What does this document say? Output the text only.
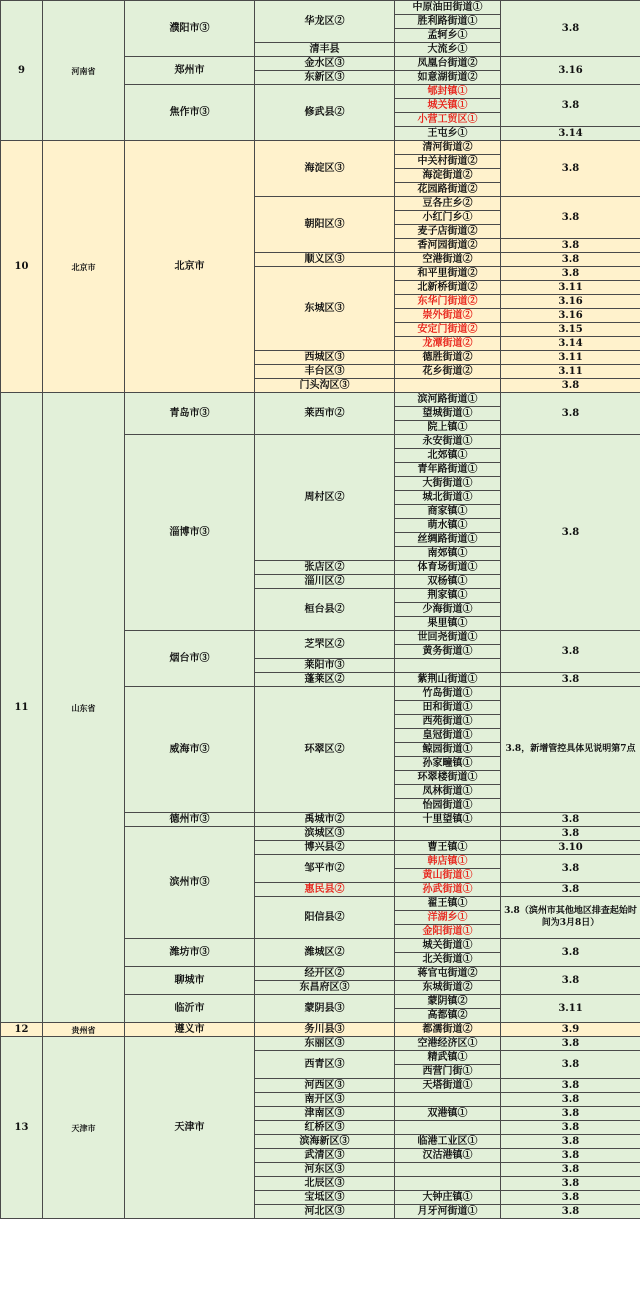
9	河南省	濮阳市③	华龙区②	中原油田街道①	3.8
				胜利路街道①	
				孟轲乡①	
			清丰县	大流乡①	
		郑州市	金水区③	凤凰台街道②	3.16
			东新区③	如意湖街道②	
		焦作市③	修武县②	郇封镇①	3.8
				城关镇①	
				小营工贸区①	
				王屯乡①	3.14
10	北京市	北京市	海淀区③	清河街道②	3.8
				中关村街道②	
				海淀街道②	
				花园路街道②	
			朝阳区③	豆各庄乡②	3.8
				小红门乡①	
				麦子店街道②	
				香河园街道②	3.8
			顺义区③	空港街道②	3.8
			东城区③	和平里街道②	3.8
				北新桥街道②	3.11
				东华门街道②	3.16
				崇外街道②	3.16
				安定门街道②	3.15
				龙潭街道②	3.14
			西城区③	德胜街道②	3.11
			丰台区③	花乡街道②	3.11
			门头沟区③		3.8
11	山东省	青岛市③	莱西市②	滨河路街道①	3.8
				望城街道①	
				院上镇①	
		淄博市③	周村区②	永安街道①	3.8
				北郊镇①	
				青年路街道①	
				大街街道①	
				城北街道①	
				商家镇①	
				萌水镇①	
				丝绸路街道①	
				南郊镇①	
			张店区②	体育场街道①	
			淄川区②	双杨镇①	
			桓台县②	荆家镇①	
				少海街道①	
				果里镇①	
		烟台市③	芝罘区②	世回尧街道①	3.8
				黄务街道①	
			莱阳市③		
			蓬莱区②	紫荆山街道①	3.8
		威海市③	环翠区②	竹岛街道①	3.8，新增管控具体见说明第7点
				田和街道①	
				西苑街道①	
				皇冠街道①	
				鲸园街道①	
				孙家疃镇①	
				环翠楼街道①	
				凤林街道①	
				怡园街道①	
		德州市③	禹城市②	十里望镇①	3.8
		滨州市③	滨城区③		3.8
			博兴县②	曹王镇①	3.10
			邹平市②	韩店镇①	3.8
				黄山街道①	
			惠民县②	孙武街道①	3.8
			阳信县②	翟王镇①	3.8（滨州市其他地区排查起始时间为3月8日）
				洋湖乡①	

				金阳街道①	

		潍坊市③	潍城区②	城关街道①	3.8
				北关街道①	
		聊城市	经开区②	蒋官屯街道②	3.8
			东昌府区③	东城街道②	
		临沂市	蒙阴县③	蒙阴镇②	3.11
				高都镇②	
12	贵州省	遵义市	务川县③	都濡街道②	3.9
13	天津市	天津市	东丽区③	空港经济区①	3.8
			西青区③	精武镇①	3.8
				西营门街①	
			河西区③	天塔街道①	3.8
			南开区③		3.8
			津南区③	双港镇①	3.8
			红桥区③		3.8
			滨海新区③	临港工业区①	3.8
			武清区③	汉沽港镇①	3.8
			河东区③		3.8
			北辰区③		3.8
			宝坻区③	大钟庄镇①	3.8
			河北区③	月牙河街道①	3.8
